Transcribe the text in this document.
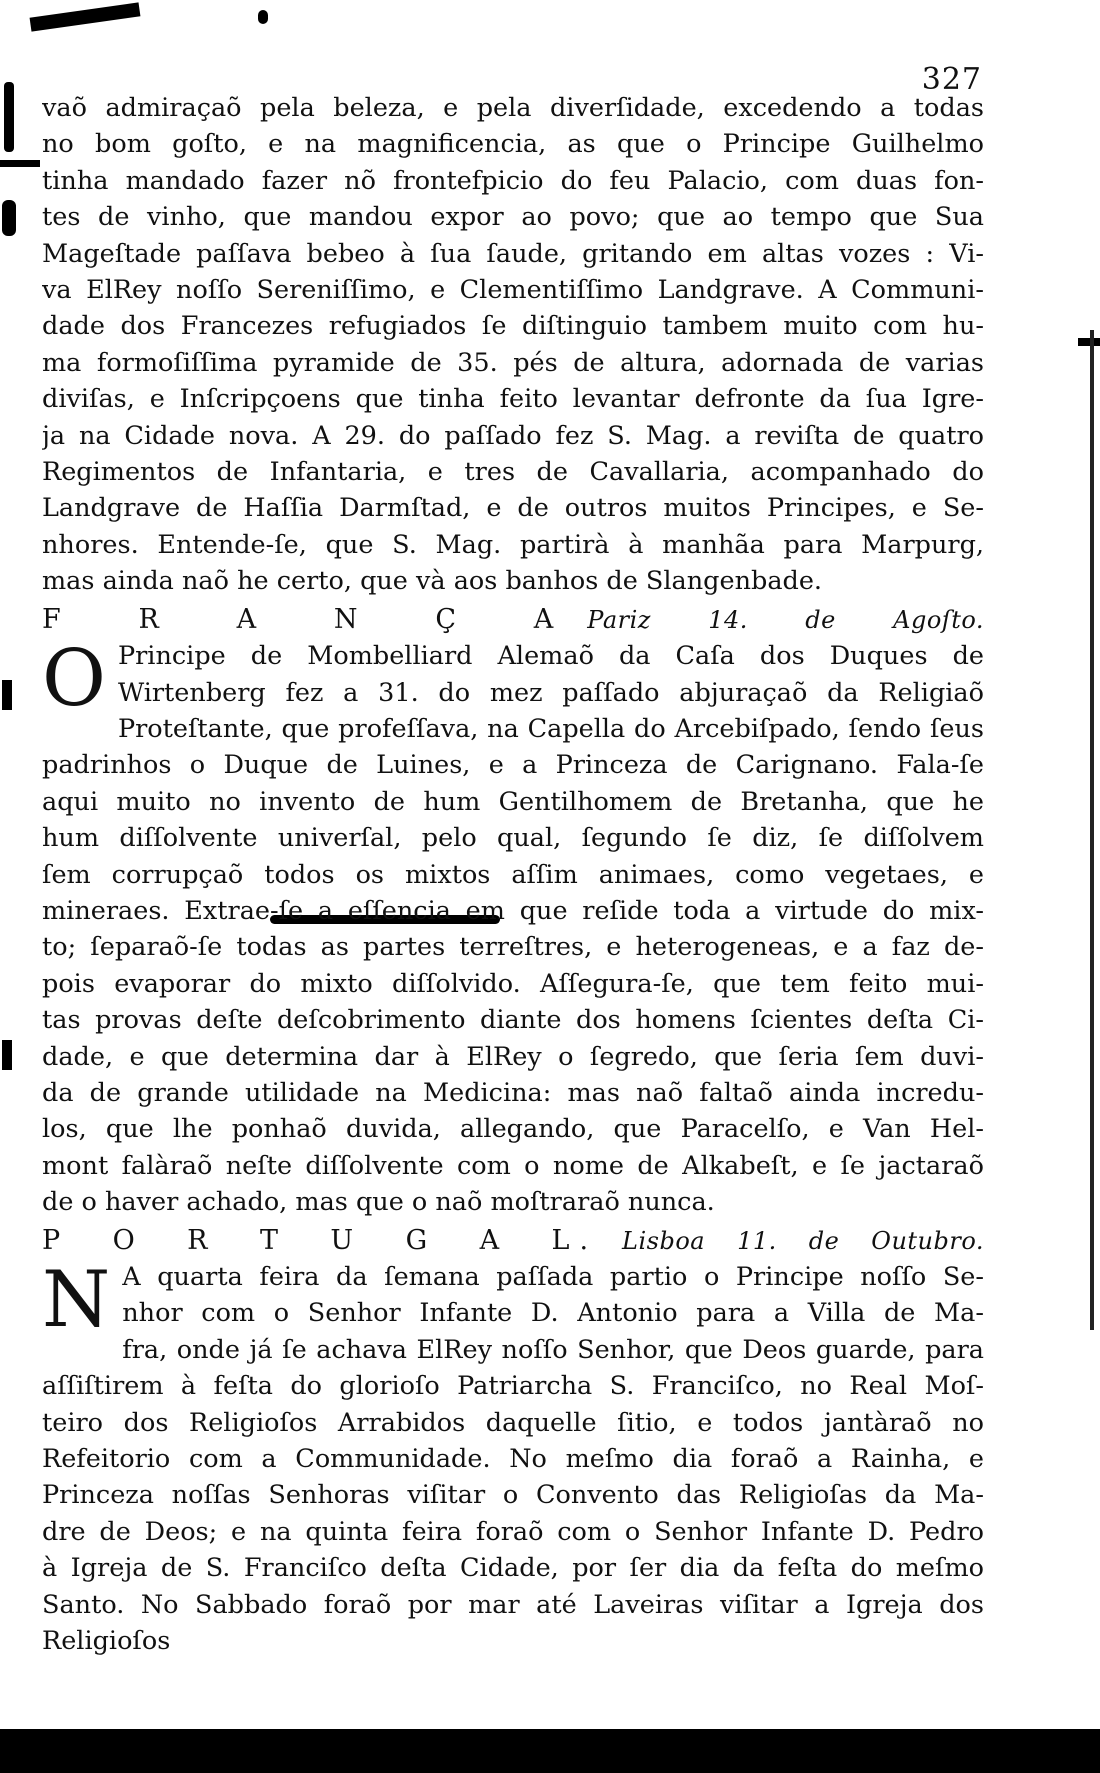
327
vaõ admiraçaõ pela beleza, e pela diverſidade, excedendo a todas
no bom goſto, e na magnificencia, as que o Principe Guilhelmo
tinha mandado fazer nõ frontefpicio do feu Palacio, com duas fon-
tes de vinho, que mandou expor ao povo; que ao tempo que Sua
Mageſtade paſſava bebeo à ſua ſaude, gritando em altas vozes : Vi-
va ElRey noſſo Sereniſſimo, e Clementiſſimo Landgrave. A Communi-
dade dos Francezes refugiados ſe diſtinguio tambem muito com hu-
ma formoſiſſima pyramide de 35. pés de altura, adornada de varias
diviſas, e Inſcripçoens que tinha feito levantar defronte da ſua Igre-
ja na Cidade nova. A 29. do paſſado fez S. Mag. a reviſta de quatro
Regimentos de Infantaria, e tres de Cavallaria, acompanhado do
Landgrave de Haſſia Darmſtad, e de outros muitos Principes, e Se-
nhores. Entende-ſe, que S. Mag. partirà à manhãa para Marpurg,
mas ainda naõ he certo, que và aos banhos de Slangenbade.
F R A N Ç A Pariz 14. de Agoſto.
O Principe de Mombelliard Alemaõ da Caſa dos Duques de
Wirtenberg fez a 31. do mez paſſado abjuraçaõ da Religiaõ
Proteſtante, que profeſſava, na Capella do Arcebiſpado, ſendo ſeus
padrinhos o Duque de Luines, e a Princeza de Carignano. Fala-ſe
aqui muito no invento de hum Gentilhomem de Bretanha, que he
hum diſſolvente univerſal, pelo qual, ſegundo ſe diz, ſe diſſolvem
ſem corrupçaõ todos os mixtos aſſim animaes, como vegetaes, e
mineraes. Extrae-ſe a eſſencia em que reſide toda a virtude do mix-
to; ſeparaõ-ſe todas as partes terreſtres, e heterogeneas, e a faz de-
pois evaporar do mixto diſſolvido. Aſſegura-ſe, que tem feito mui-
tas provas deſte deſcobrimento diante dos homens ſcientes deſta Ci-
dade, e que determina dar à ElRey o ſegredo, que ſeria ſem duvi-
da de grande utilidade na Medicina: mas naõ faltaõ ainda incredu-
los, que lhe ponhaõ duvida, allegando, que Paracelſo, e Van Hel-
mont falàraõ neſte diſſolvente com o nome de Alkabeſt, e ſe jactaraõ
de o haver achado, mas que o naõ moſtraraõ nunca.
P O R T U G A L. Lisboa 11. de Outubro.
N A quarta feira da ſemana paſſada partio o Principe noſſo Se-
nhor com o Senhor Infante D. Antonio para a Villa de Ma-
fra, onde já ſe achava ElRey noſſo Senhor, que Deos guarde, para
aſſiſtirem à feſta do glorioſo Patriarcha S. Franciſco, no Real Moſ-
teiro dos Religioſos Arrabidos daquelle ſitio, e todos jantàraõ no
Refeitorio com a Communidade. No meſmo dia foraõ a Rainha, e
Princeza noſſas Senhoras viſitar o Convento das Religioſas da Ma-
dre de Deos; e na quinta feira foraõ com o Senhor Infante D. Pedro
à Igreja de S. Franciſco deſta Cidade, por ſer dia da feſta do meſmo
Santo. No Sabbado foraõ por mar até Laveiras viſitar a Igreja dos
Religioſos
